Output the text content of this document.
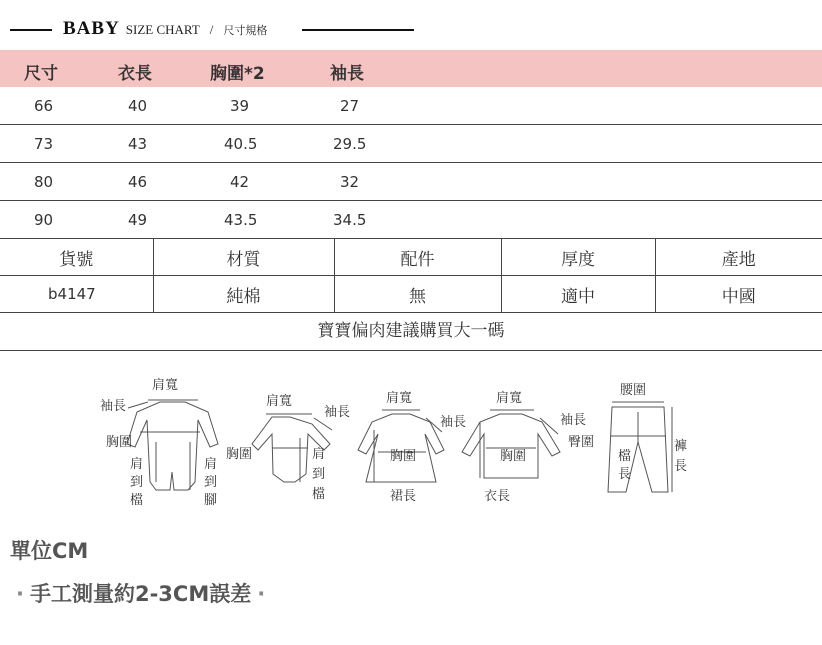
BABY SIZE CHART / 尺寸規格
尺寸	衣長	胸圍*2	袖長
66	40	39	27
73	43	40.5	29.5
80	46	42	32
90	49	43.5	34.5
貨號	材質	配件	厚度	產地
b4147	純棉	無	適中	中國
寶寶偏肉建議購買大一碼
肩寬
袖長
胸圍
肩
到
檔
肩
到
腳
肩寬
袖長
胸圍	肩
到
檔
肩寬
袖長
胸圍
裙長
肩寬
袖長
胸圍
衣長
腰圍
臀圍
檔
長
褲
長
單位CM
· 手工測量約2-3CM誤差 ·
